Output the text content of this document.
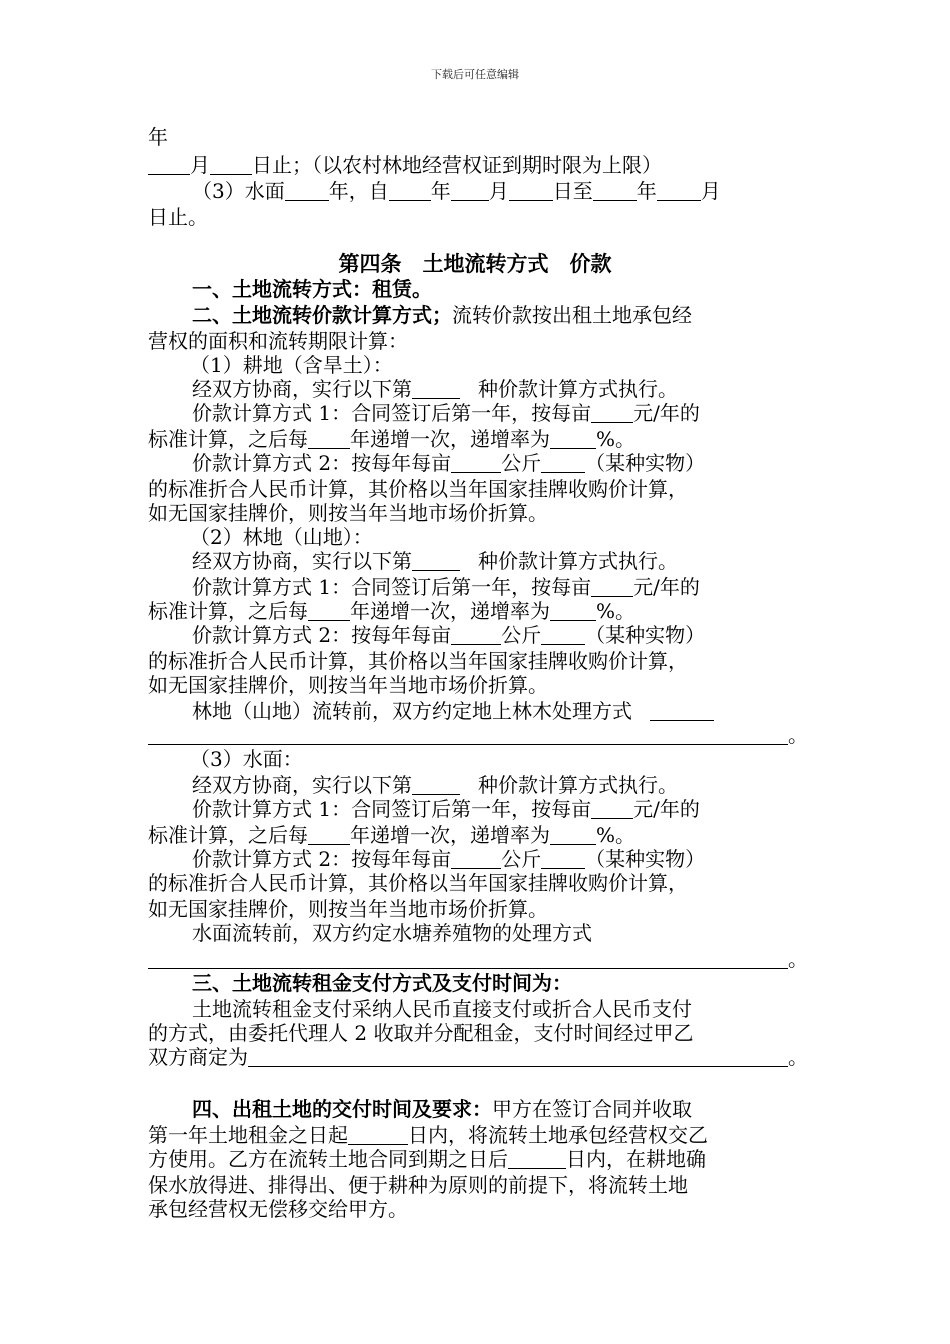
下载后可任意编辑
年
月 日止；（以农村林地经营权证到期时限为上限）
（3）水面 年，自 年 月 日至 年 月
日止。
第四条　土地流转方式　价款
一、土地流转方式：租赁。
二、土地流转价款计算方式；流转价款按出租土地承包经
营权的面积和流转期限计算：
（1）耕地（含旱土）：
经双方协商，实行以下第	种价款计算方式执行。
价款计算方式 1：合同签订后第一年，按每亩 元/年的
标准计算，之后每 年递增一次，递增率为 %。
价款计算方式 2：按每年每亩	公斤 （某种实物）
的标准折合人民币计算，其价格以当年国家挂牌收购价计算，
如无国家挂牌价，则按当年当地市场价折算。
（2）林地（山地）：
经双方协商，实行以下第	种价款计算方式执行。
价款计算方式 1：合同签订后第一年，按每亩 元/年的
标准计算，之后每 年递增一次，递增率为 %。
价款计算方式 2：按每年每亩	公斤 （某种实物）
的标准折合人民币计算，其价格以当年国家挂牌收购价计算，
如无国家挂牌价，则按当年当地市场价折算。
林地（山地）流转前，双方约定地上林木处理方式
。
（3）水面：
经双方协商，实行以下第	种价款计算方式执行。
价款计算方式 1：合同签订后第一年，按每亩 元/年的
标准计算，之后每 年递增一次，递增率为 %。
价款计算方式 2：按每年每亩	公斤 （某种实物）
的标准折合人民币计算，其价格以当年国家挂牌收购价计算，
如无国家挂牌价，则按当年当地市场价折算。
水面流转前，双方约定水塘养殖物的处理方式
。
三、土地流转租金支付方式及支付时间为：
土地流转租金支付采纳人民币直接支付或折合人民币支付
的方式，由委托代理人 2 收取并分配租金，支付时间经过甲乙
双方商定为	。
四、出租土地的交付时间及要求：甲方在签订合同并收取
第一年土地租金之日起	日内，将流转土地承包经营权交乙
方使用。乙方在流转土地合同到期之日后	日内，在耕地确
保水放得进、排得出、便于耕种为原则的前提下，将流转土地
承包经营权无偿移交给甲方。
